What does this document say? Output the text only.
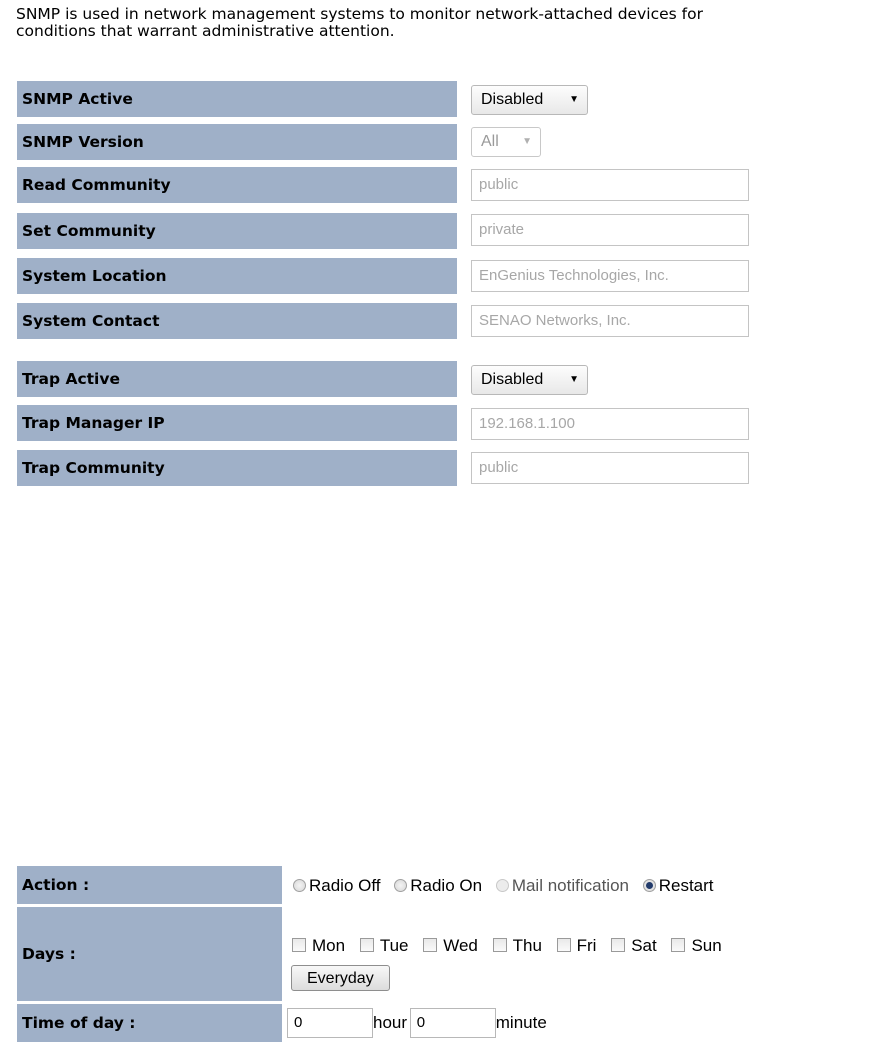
SNMP is used in network management systems to monitor network-attached devices for
conditions that warrant administrative attention.
SNMP Active	Disabled	▼
SNMP Version	All ▼
Read Community	public
Set Community	private
System Location	EnGenius Technologies, Inc.
System Contact	SENAO Networks, Inc.
Trap Active	Disabled	▼
Trap Manager IP	192.168.1.100
Trap Community	public
Action :	Radio Off Radio On Mail notification Restart
Days :	Mon Tue Wed Thu Fri Sat Sun
Everyday
Time of day :	0	hour 0	minute
